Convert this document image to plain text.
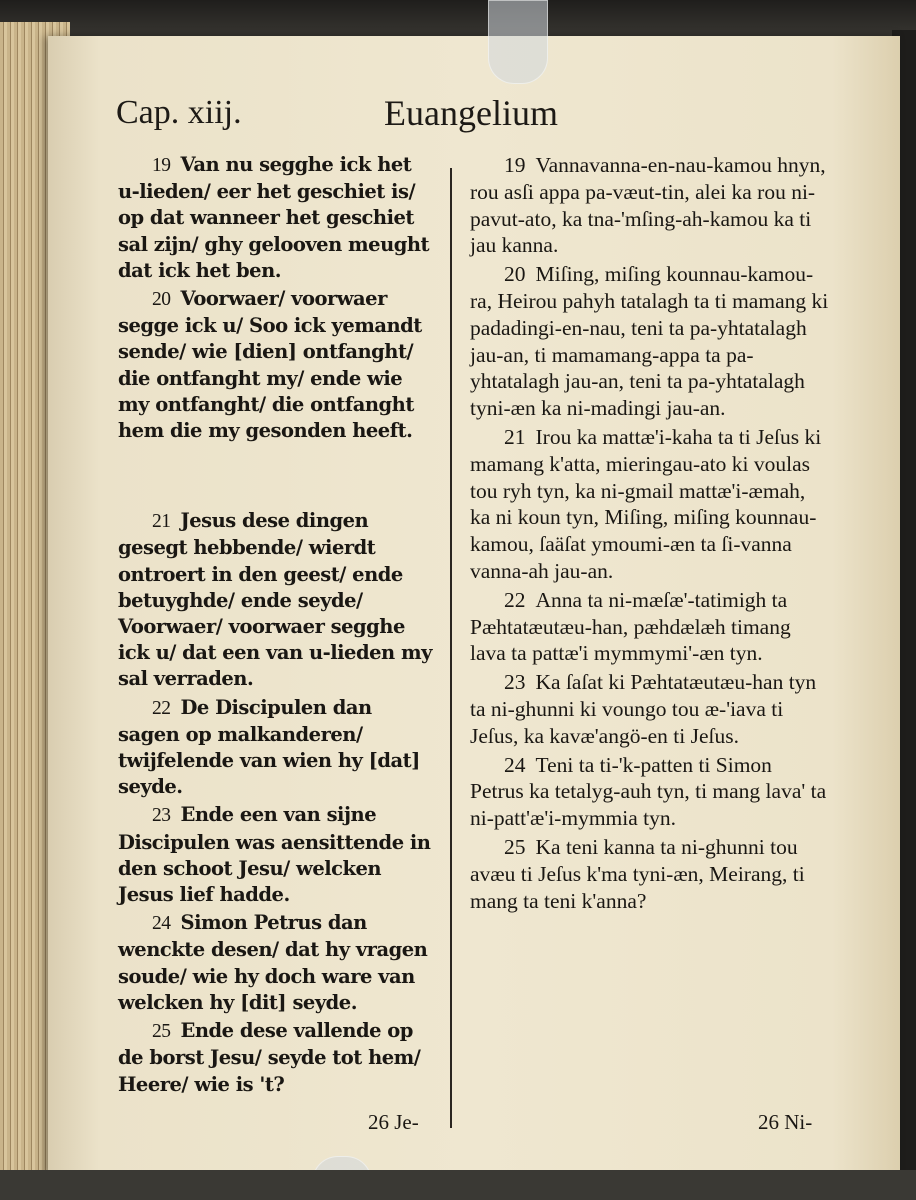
Cap. xiij.	Euangelium

19 Van nu segghe ick het u-lieden/ eer het geschiet is/ op dat wanneer het geschiet sal zijn/ ghy gelooven meught dat ick het ben.

20 Voorwaer/ voorwaer segge ick u/ Soo ick yemandt sende/ wie [dien] ontfanght/ die ontfanght my/ ende wie my ontfanght/ die ontfanght hem die my gesonden heeft.

21 Jesus dese dingen gesegt hebbende/ wierdt ontroert in den geest/ ende betuyghde/ ende seyde/ Voorwaer/ voorwaer segghe ick u/ dat een van u-lieden my sal verraden.

22 De Discipulen dan sagen op malkanderen/ twijfelende van wien hy [dat] seyde.

23 Ende een van sijne Discipulen was aensittende in den schoot Jesu/ welcken Jesus lief hadde.

24 Simon Petrus dan wenckte desen/ dat hy vragen soude/ wie hy doch ware van welcken hy [dit] seyde.

25 Ende dese vallende op de borst Jesu/ seyde tot hem/ Heere/ wie is 't?

19 Vannavanna-en-nau-kamou hnyn, rou asſi appa pa-væut-tin, alei ka rou ni-pavut-ato, ka tna-'mſing-ah-kamou ka ti jau kanna.

20 Miſing, miſing kounnau-kamou-ra, Heirou pahyh tatalagh ta ti mamang ki padadingi-en-nau, teni ta pa-yhtatalagh jau-an, ti mamamang-appa ta pa-yhtatalagh jau-an, teni ta pa-yhtatalagh tyni-æn ka ni-madingi jau-an.

21 Irou ka mattæ'i-kaha ta ti Jeſus ki mamang k'atta, mieringau-ato ki voulas tou ryh tyn, ka ni-gmail mattæ'i-æmah, ka ni koun tyn, Miſing, miſing kounnau-kamou, ſaäſat ymoumi-æn ta ſi-vanna vanna-ah jau-an.

22 Anna ta ni-mæſæ'-tatimigh ta Pæhtatæutæu-han, pæhdælæh timang lava ta pattæ'i mymmymi'-æn tyn.

23 Ka ſaſat ki Pæhtatæutæu-han tyn ta ni-ghunni ki voungo tou æ-'iava ti Jeſus, ka kavæ'angö-en ti Jeſus.

24 Teni ta ti-'k-patten ti Simon Petrus ka tetalyg-auh tyn, ti mang lava' ta ni-patt'æ'i-mymmia tyn.

25 Ka teni kanna ta ni-ghunni tou avæu ti Jeſus k'ma tyni-æn, Meirang, ti mang ta teni k'anna?

26 Je-	26 Ni-
